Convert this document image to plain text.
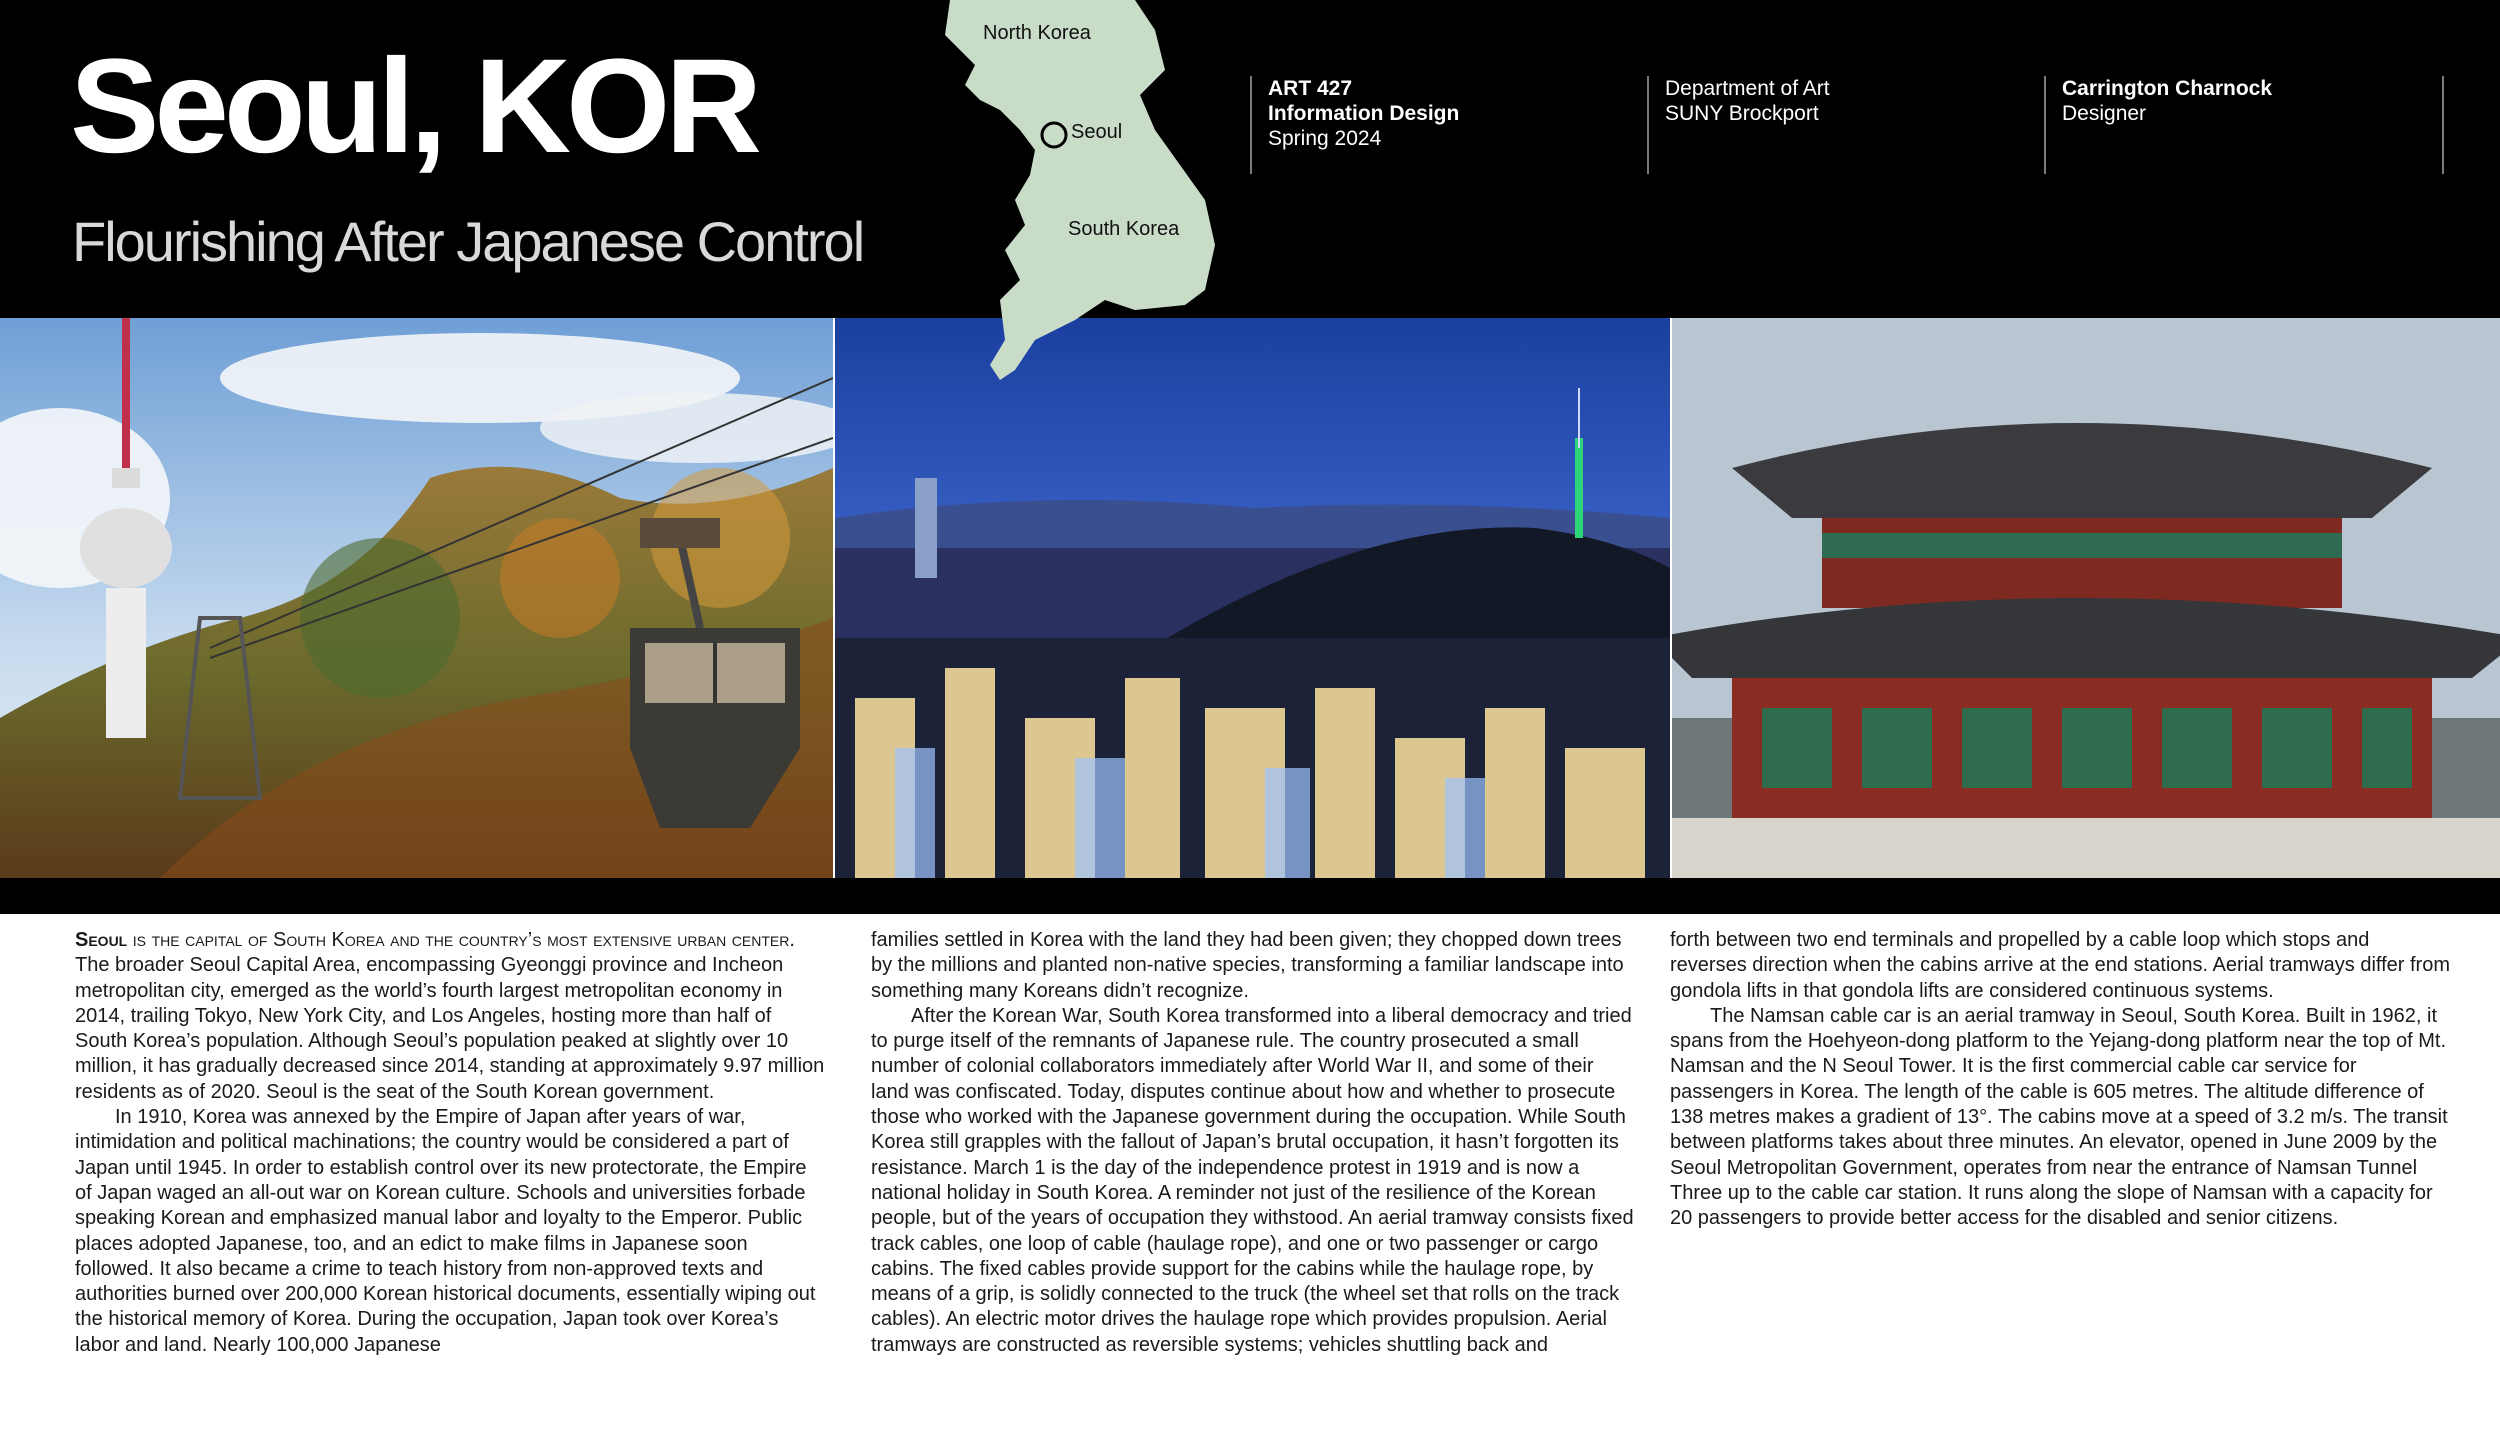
Seoul, KOR
Flourishing After Japanese Control
ART 427
Information Design
Spring 2024
Department of Art
SUNY Brockport
Carrington Charnock
Designer
North Korea
Seoul
South Korea

Seoul is the capital of South Korea and the country’s most extensive urban center. The broader Seoul Capital Area, encompassing Gyeonggi province and Incheon metropolitan city, emerged as the world’s fourth largest metropolitan economy in 2014, trailing Tokyo, New York City, and Los Angeles, hosting more than half of South Korea’s population. Although Seoul’s population peaked at slightly over 10 million, it has gradually decreased since 2014, standing at approximately 9.97 million residents as of 2020. Seoul is the seat of the South Korean government.

In 1910, Korea was annexed by the Empire of Japan after years of war, intimidation and political machinations; the country would be considered a part of Japan until 1945. In order to establish control over its new protectorate, the Empire of Japan waged an all-out war on Korean culture. Schools and universities forbade speaking Korean and emphasized manual labor and loyalty to the Emperor. Public places adopted Japanese, too, and an edict to make films in Japanese soon followed. It also became a crime to teach history from non-approved texts and authorities burned over 200,000 Korean historical documents, essentially wiping out the historical memory of Korea. During the occupation, Japan took over Korea’s labor and land. Nearly 100,000 Japanese

families settled in Korea with the land they had been given; they chopped down trees by the millions and planted non-native species, transforming a familiar landscape into something many Koreans didn’t recognize.

After the Korean War, South Korea transformed into a liberal democracy and tried to purge itself of the remnants of Japanese rule. The country prosecuted a small number of colonial collaborators immediately after World War II, and some of their land was confiscated. Today, disputes continue about how and whether to prosecute those who worked with the Japanese government during the occupation. While South Korea still grapples with the fallout of Japan’s brutal occupation, it hasn’t forgotten its resistance. March 1 is the day of the independence protest in 1919 and is now a national holiday in South Korea. A reminder not just of the resilience of the Korean people, but of the years of occupation they withstood. An aerial tramway consists fixed track cables, one loop of cable (haulage rope), and one or two passenger or cargo cabins. The fixed cables provide support for the cabins while the haulage rope, by means of a grip, is solidly connected to the truck (the wheel set that rolls on the track cables). An electric motor drives the haulage rope which provides propulsion. Aerial tramways are constructed as reversible systems; vehicles shuttling back and

forth between two end terminals and propelled by a cable loop which stops and reverses direction when the cabins arrive at the end stations. Aerial tramways differ from gondola lifts in that gondola lifts are considered continuous systems.

The Namsan cable car is an aerial tramway in Seoul, South Korea. Built in 1962, it spans from the Hoehyeon-dong platform to the Yejang-dong platform near the top of Mt. Namsan and the N Seoul Tower. It is the first commercial cable car service for passengers in Korea. The length of the cable is 605 metres. The altitude difference of 138 metres makes a gradient of 13°. The cabins move at a speed of 3.2 m/s. The transit between platforms takes about three minutes. An elevator, opened in June 2009 by the Seoul Metropolitan Government, operates from near the entrance of Namsan Tunnel Three up to the cable car station. It runs along the slope of Namsan with a capacity for 20 passengers to provide better access for the disabled and senior citizens.
